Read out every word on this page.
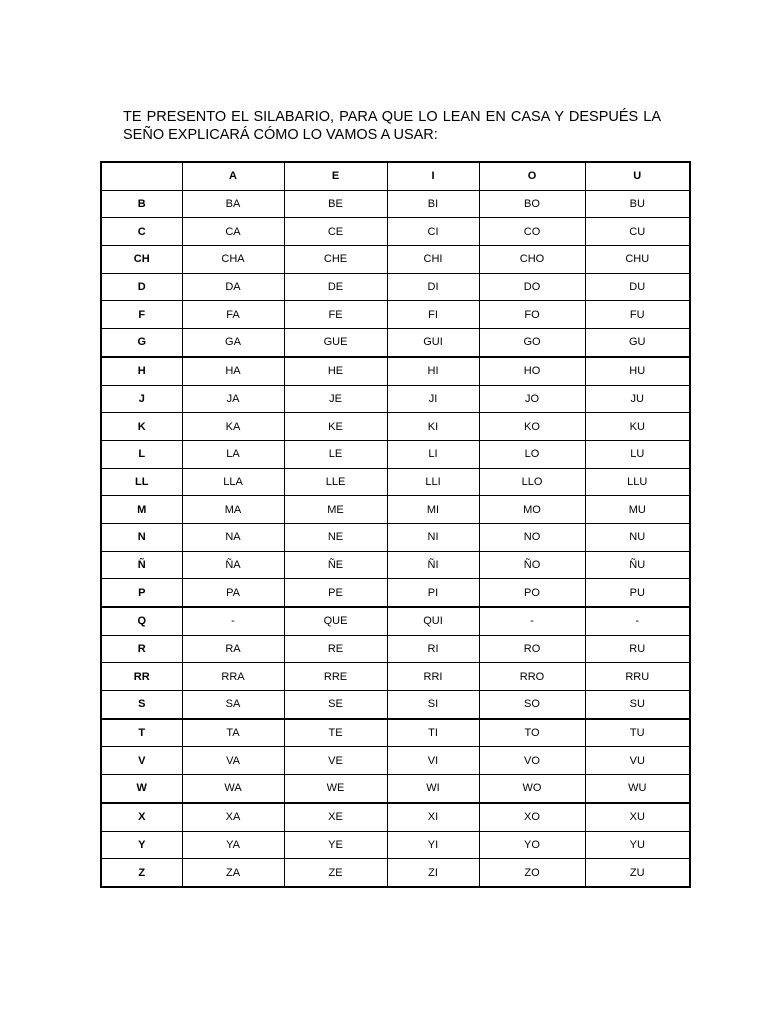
TE PRESENTO EL SILABARIO, PARA QUE LO LEAN EN CASA Y DESPUÉS LA SEÑO EXPLICARÁ CÓMO LO VAMOS A USAR:
	A	E	I	O	U
B	BA	BE	BI	BO	BU
C	CA	CE	CI	CO	CU
CH	CHA	CHE	CHI	CHO	CHU
D	DA	DE	DI	DO	DU
F	FA	FE	FI	FO	FU
G	GA	GUE	GUI	GO	GU
H	HA	HE	HI	HO	HU
J	JA	JE	JI	JO	JU
K	KA	KE	KI	KO	KU
L	LA	LE	LI	LO	LU
LL	LLA	LLE	LLI	LLO	LLU
M	MA	ME	MI	MO	MU
N	NA	NE	NI	NO	NU
Ñ	ÑA	ÑE	ÑI	ÑO	ÑU
P	PA	PE	PI	PO	PU
Q	-	QUE	QUI	-	-
R	RA	RE	RI	RO	RU
RR	RRA	RRE	RRI	RRO	RRU
S	SA	SE	SI	SO	SU
T	TA	TE	TI	TO	TU
V	VA	VE	VI	VO	VU
W	WA	WE	WI	WO	WU
X	XA	XE	XI	XO	XU
Y	YA	YE	YI	YO	YU
Z	ZA	ZE	ZI	ZO	ZU
